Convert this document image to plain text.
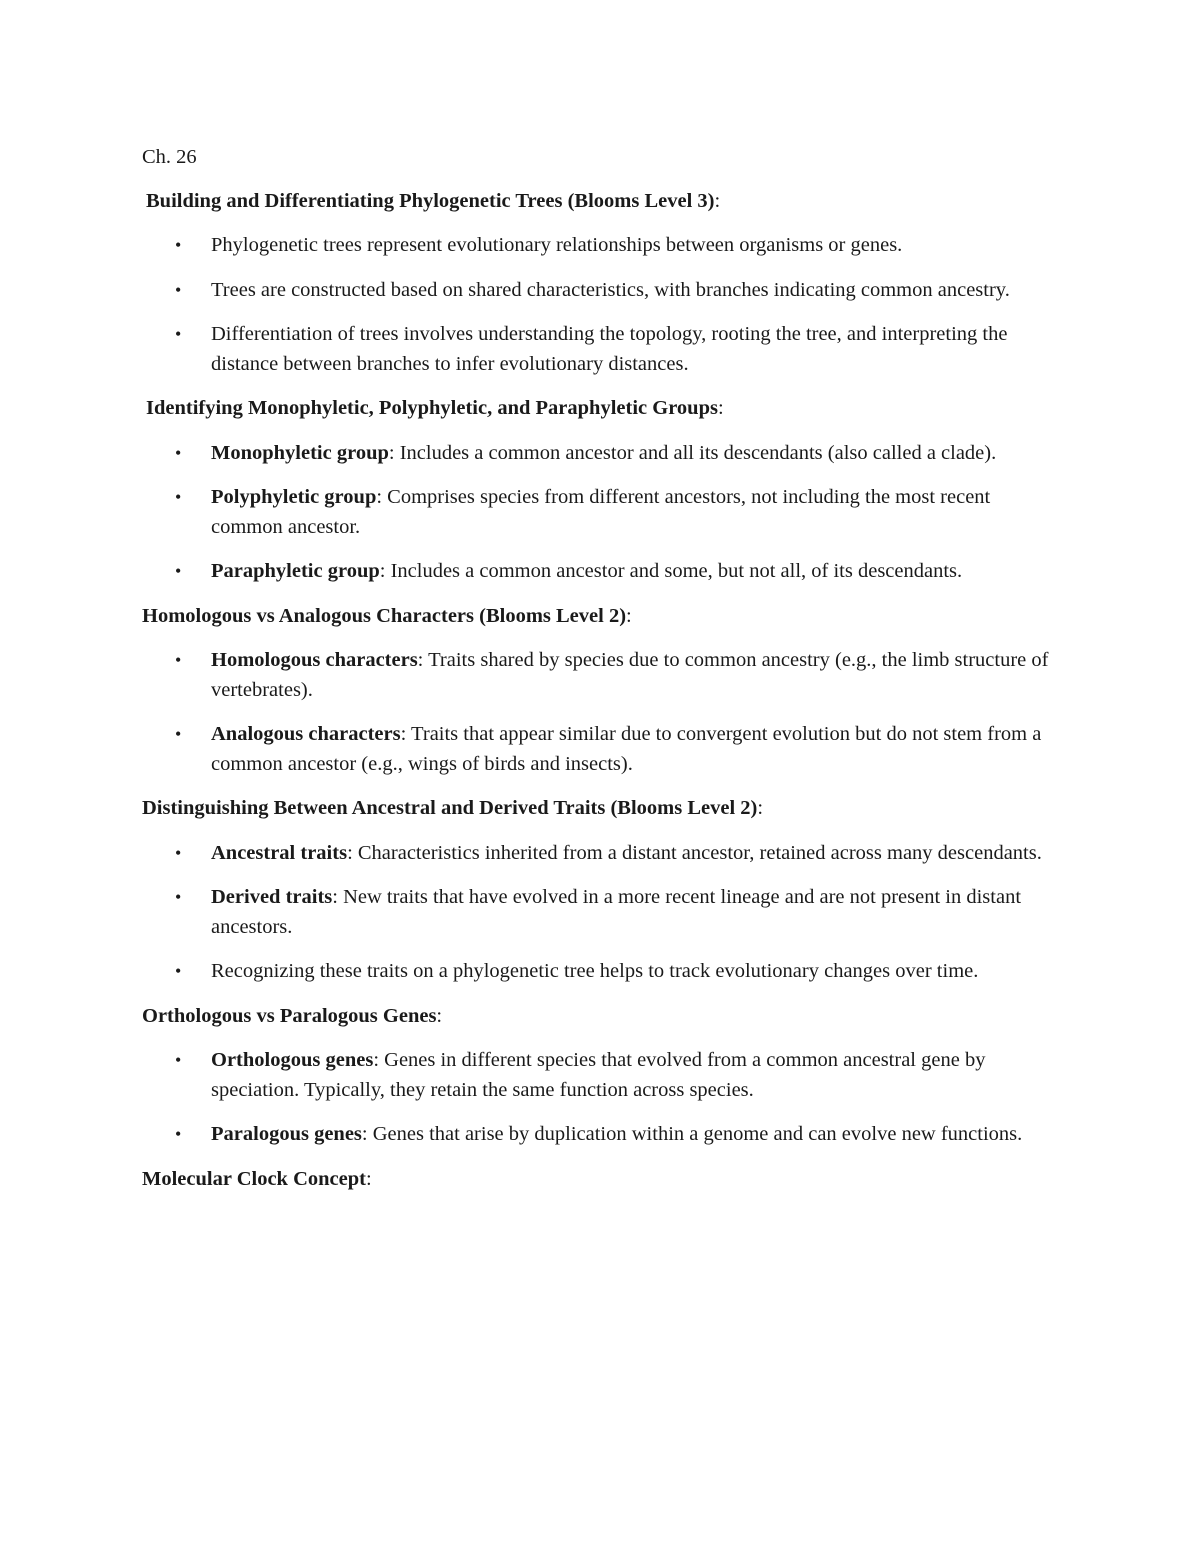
Ch. 26
Building and Differentiating Phylogenetic Trees (Blooms Level 3):
• Phylogenetic trees represent evolutionary relationships between organisms or genes.
• Trees are constructed based on shared characteristics, with branches indicating common ancestry.
• Differentiation of trees involves understanding the topology, rooting the tree, and interpreting the distance between branches to infer evolutionary distances.
Identifying Monophyletic, Polyphyletic, and Paraphyletic Groups:
• Monophyletic group: Includes a common ancestor and all its descendants (also called a clade).
• Polyphyletic group: Comprises species from different ancestors, not including the most recent common ancestor.
• Paraphyletic group: Includes a common ancestor and some, but not all, of its descendants.
Homologous vs Analogous Characters (Blooms Level 2):
• Homologous characters: Traits shared by species due to common ancestry (e.g., the limb structure of vertebrates).
• Analogous characters: Traits that appear similar due to convergent evolution but do not stem from a common ancestor (e.g., wings of birds and insects).
Distinguishing Between Ancestral and Derived Traits (Blooms Level 2):
• Ancestral traits: Characteristics inherited from a distant ancestor, retained across many descendants.
• Derived traits: New traits that have evolved in a more recent lineage and are not present in distant ancestors.
• Recognizing these traits on a phylogenetic tree helps to track evolutionary changes over time.
Orthologous vs Paralogous Genes:
• Orthologous genes: Genes in different species that evolved from a common ancestral gene by speciation. Typically, they retain the same function across species.
• Paralogous genes: Genes that arise by duplication within a genome and can evolve new functions.
Molecular Clock Concept:
